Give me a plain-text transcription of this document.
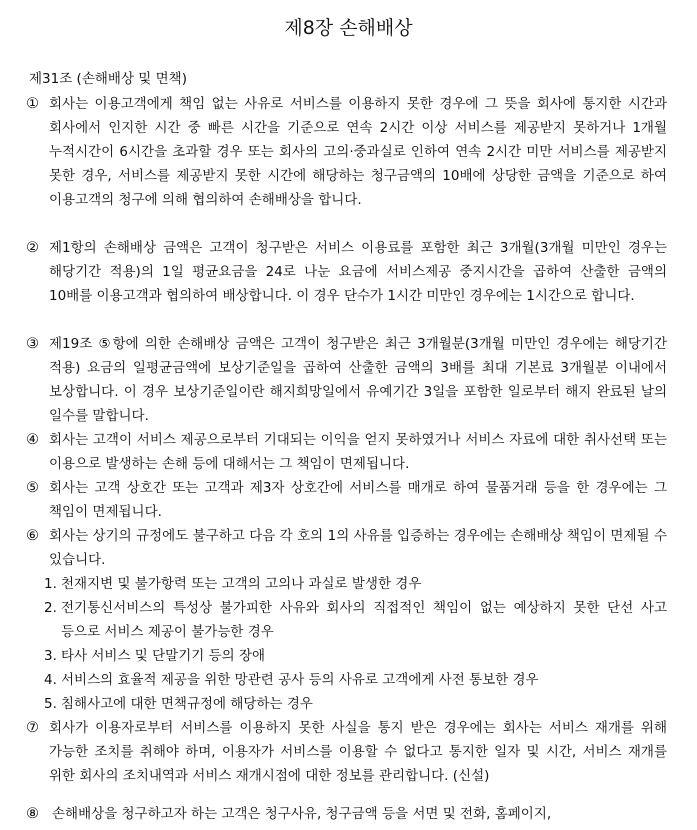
제8장 손해배상
제31조 (손해배상 및 면책)
① 회사는 이용고객에게 책임 없는 사유로 서비스를 이용하지 못한 경우에 그 뜻을 회사에 통지한 시간과 회사에서 인지한 시간 중 빠른 시간을 기준으로 연속 2시간 이상 서비스를 제공받지 못하거나 1개월 누적시간이 6시간을 초과할 경우 또는 회사의 고의·중과실로 인하여 연속 2시간 미만 서비스를 제공받지 못한 경우, 서비스를 제공받지 못한 시간에 해당하는 청구금액의 10배에 상당한 금액을 기준으로 하여 이용고객의 청구에 의해 협의하여 손해배상을 합니다.
② 제1항의 손해배상 금액은 고객이 청구받은 서비스 이용료를 포함한 최근 3개월(3개월 미만인 경우는 해당기간 적용)의 1일 평균요금을 24로 나눈 요금에 서비스제공 중지시간을 곱하여 산출한 금액의 10배를 이용고객과 협의하여 배상합니다. 이 경우 단수가 1시간 미만인 경우에는 1시간으로 합니다.
③ 제19조 ⑤항에 의한 손해배상 금액은 고객이 청구받은 최근 3개월분(3개월 미만인 경우에는 해당기간 적용) 요금의 일평균금액에 보상기준일을 곱하여 산출한 금액의 3배를 최대 기본료 3개월분 이내에서 보상합니다. 이 경우 보상기준일이란 해지희망일에서 유예기간 3일을 포함한 일로부터 해지 완료된 날의 일수를 말합니다.
④ 회사는 고객이 서비스 제공으로부터 기대되는 이익을 얻지 못하였거나 서비스 자료에 대한 취사선택 또는 이용으로 발생하는 손해 등에 대해서는 그 책임이 면제됩니다.
⑤ 회사는 고객 상호간 또는 고객과 제3자 상호간에 서비스를 매개로 하여 물품거래 등을 한 경우에는 그 책임이 면제됩니다.
⑥ 회사는 상기의 규정에도 불구하고 다음 각 호의 1의 사유를 입증하는 경우에는 손해배상 책임이 면제될 수 있습니다.
1. 천재지변 및 불가항력 또는 고객의 고의나 과실로 발생한 경우
2. 전기통신서비스의 특성상 불가피한 사유와 회사의 직접적인 책임이 없는 예상하지 못한 단선 사고 등으로 서비스 제공이 불가능한 경우
3. 타사 서비스 및 단말기기 등의 장애
4. 서비스의 효율적 제공을 위한 망관련 공사 등의 사유로 고객에게 사전 통보한 경우
5. 침해사고에 대한 면책규정에 해당하는 경우
⑦ 회사가 이용자로부터 서비스를 이용하지 못한 사실을 통지 받은 경우에는 회사는 서비스 재개를 위해 가능한 조치를 취해야 하며, 이용자가 서비스를 이용할 수 없다고 통지한 일자 및 시간, 서비스 재개를 위한 회사의 조치내역과 서비스 재개시점에 대한 정보를 관리합니다. (신설)
⑧ 손해배상을 청구하고자 하는 고객은 청구사유, 청구금액 등을 서면 및 전화, 홈페이지,
